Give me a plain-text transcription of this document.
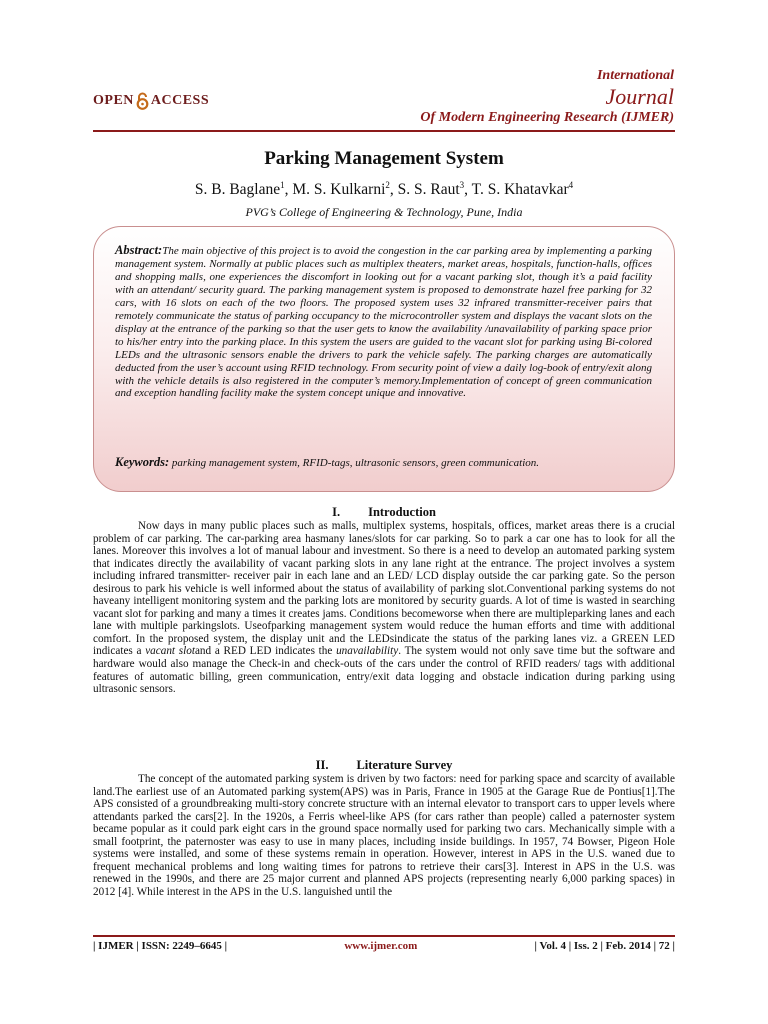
OPEN ACCESS
International
Journal
Of Modern Engineering Research (IJMER)
Parking Management System
S. B. Baglane$^1$, M. S. Kulkarni$^2$, S. S. Raut$^3$, T. S. Khatavkar$^4$
PVG’s College of Engineering & Technology, Pune, India
Abstract:The main objective of this project is to avoid the congestion in the car parking area by implementing a parking management system. Normally at public places such as multiplex theaters, market areas, hospitals, function-halls, offices and shopping malls, one experiences the discomfort in looking out for a vacant parking slot, though it’s a paid facility with an attendant/ security guard. The parking management system is proposed to demonstrate hazel free parking for 32 cars, with 16 slots on each of the two floors. The proposed system uses 32 infrared transmitter-receiver pairs that remotely communicate the status of parking occupancy to the microcontroller system and displays the vacant slots on the display at the entrance of the parking so that the user gets to know the availability /unavailability of parking space prior to his/her entry into the parking place. In this system the users are guided to the vacant slot for parking using Bi-colored LEDs and the ultrasonic sensors enable the drivers to park the vehicle safely. The parking charges are automatically deducted from the user’s account using RFID technology. From security point of view a daily log-book of entry/exit along with the vehicle details is also registered in the computer’s memory.Implementation of concept of green communication and exception handling facility make the system concept unique and innovative.
Keywords: parking management system, RFID-tags, ultrasonic sensors, green communication.
I. Introduction

Now days in many public places such as malls, multiplex systems, hospitals, offices, market areas there is a crucial problem of car parking. The car-parking area hasmany lanes/slots for car parking. So to park a car one has to look for all the lanes. Moreover this involves a lot of manual labour and investment. So there is a need to develop an automated parking system that indicates directly the availability of vacant parking slots in any lane right at the entrance. The project involves a system including infrared transmitter- receiver pair in each lane and an LED/ LCD display outside the car parking gate. So the person desirous to park his vehicle is well informed about the status of availability of parking slot.Conventional parking systems do not haveany intelligent monitoring system and the parking lots are monitored by security guards. A lot of time is wasted in searching vacant slot for parking and many a times it creates jams. Conditions becomeworse when there are multipleparking lanes and each lane with multiple parkingslots. Useofparking management system would reduce the human efforts and time with additional comfort. In the proposed system, the display unit and the LEDsindicate the status of the parking lanes viz. a GREEN LED indicates a vacant slotand a RED LED indicates the unavailability. The system would not only save time but the software and hardware would also manage the Check-in and check-outs of the cars under the control of RFID readers/ tags with additional features of automatic billing, green communication, entry/exit data logging and obstacle indication during parking using ultrasonic sensors.

II. Literature Survey

The concept of the automated parking system is driven by two factors: need for parking space and scarcity of available land.The earliest use of an Automated parking system(APS) was in Paris, France in 1905 at the Garage Rue de Pontius[1].The APS consisted of a groundbreaking multi-story concrete structure with an internal elevator to transport cars to upper levels where attendants parked the cars[2]. In the 1920s, a Ferris wheel-like APS (for cars rather than people) called a paternoster system became popular as it could park eight cars in the ground space normally used for parking two cars. Mechanically simple with a small footprint, the paternoster was easy to use in many places, including inside buildings. In 1957, 74 Bowser, Pigeon Hole systems were installed, and some of these systems remain in operation. However, interest in APS in the U.S. waned due to frequent mechanical problems and long waiting times for patrons to retrieve their cars[3]. Interest in APS in the U.S. was renewed in the 1990s, and there are 25 major current and planned APS projects (representing nearly 6,000 parking spaces) in 2012 [4]. While interest in the APS in the U.S. languished until the

| IJMER | ISSN: 2249–6645 |	www.ijmer.com	| Vol. 4 | Iss. 2 | Feb. 2014 | 72 |
